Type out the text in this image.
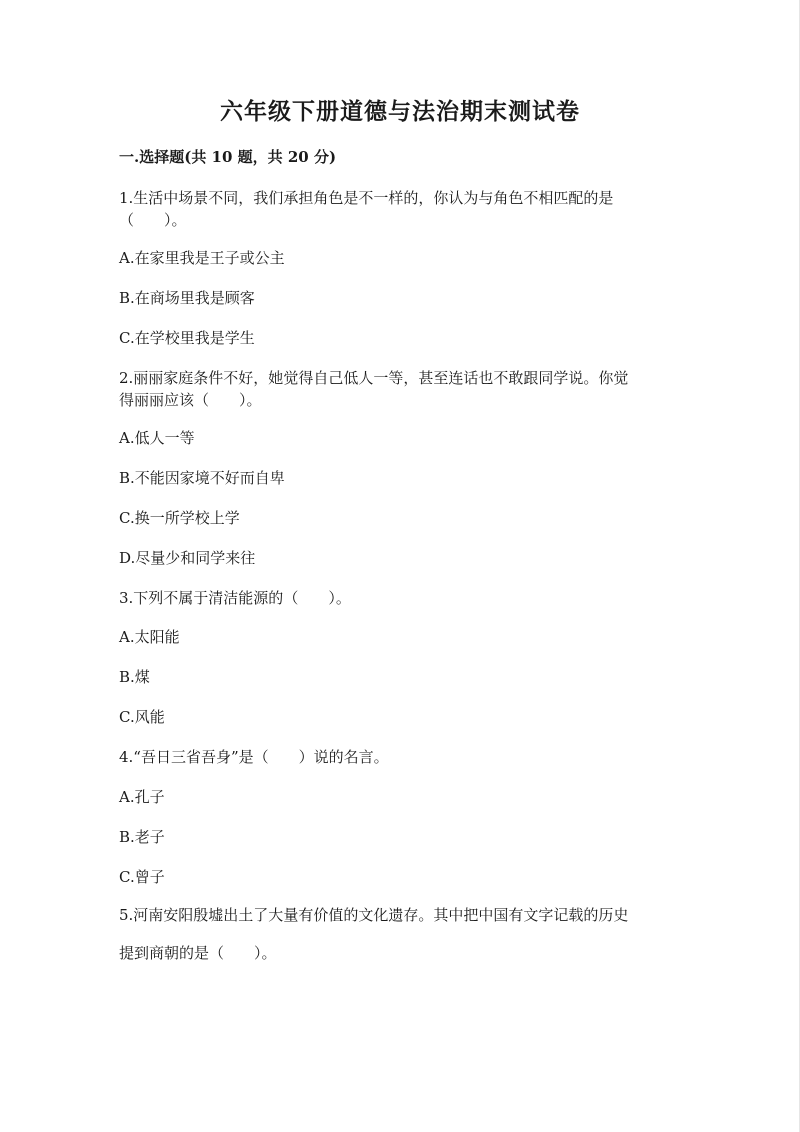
六年级下册道德与法治期末测试卷
一.选择题(共 10 题，共 20 分)
1.生活中场景不同，我们承担角色是不一样的，你认为与角色不相匹配的是
（　　）。
A.在家里我是王子或公主
B.在商场里我是顾客
C.在学校里我是学生
2.丽丽家庭条件不好，她觉得自己低人一等，甚至连话也不敢跟同学说。你觉
得丽丽应该（　　）。
A.低人一等
B.不能因家境不好而自卑
C.换一所学校上学
D.尽量少和同学来往
3.下列不属于清洁能源的（　　）。
A.太阳能
B.煤
C.风能
4.“吾日三省吾身”是（　　）说的名言。
A.孔子
B.老子
C.曾子
5.河南安阳殷墟出土了大量有价值的文化遗存。其中把中国有文字记载的历史
提到商朝的是（　　）。
